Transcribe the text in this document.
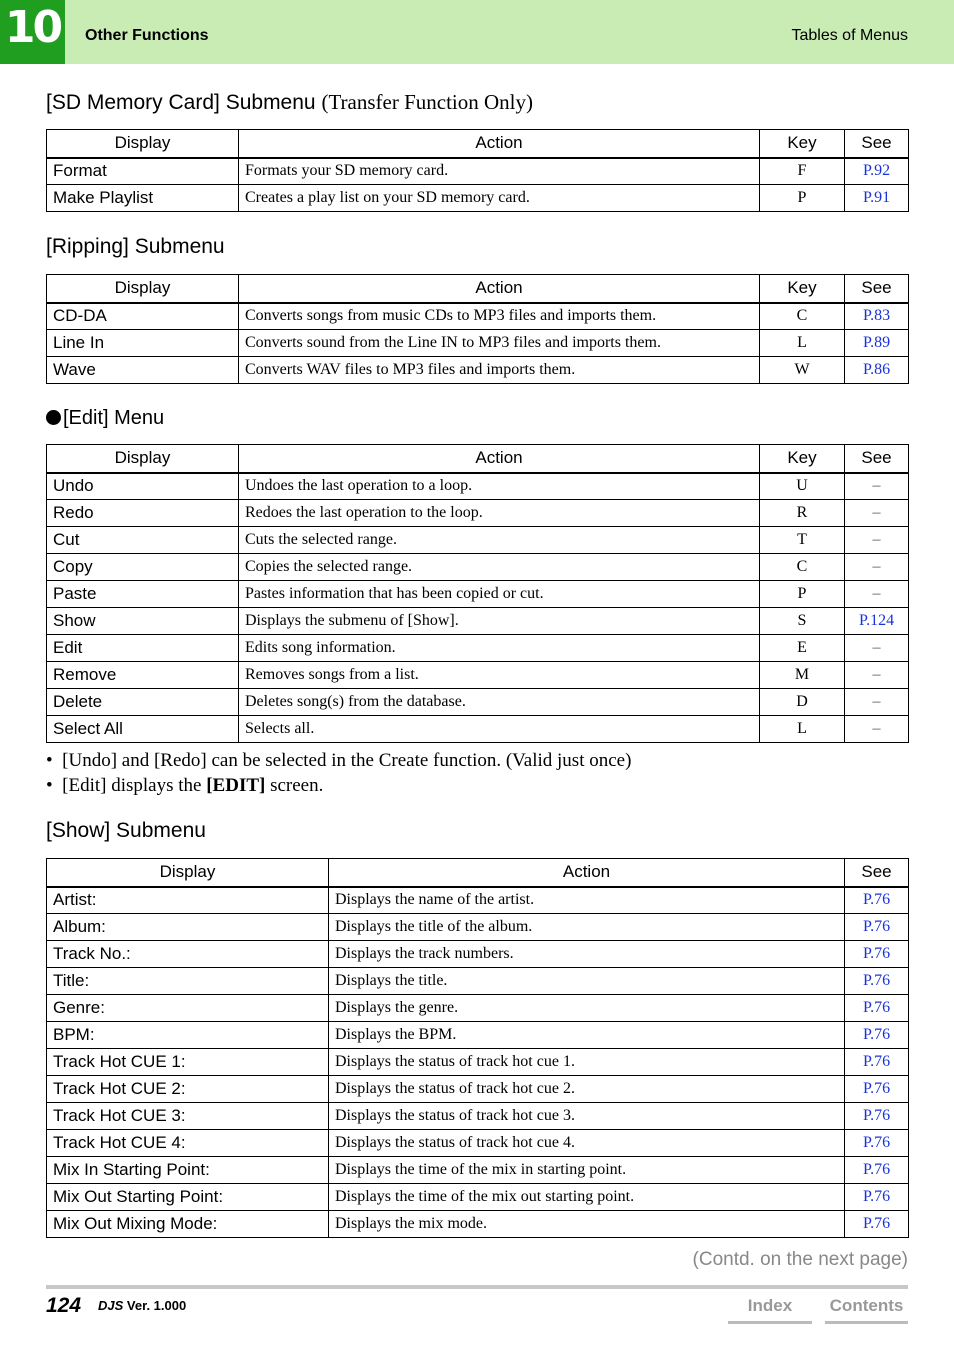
10	Other Functions	Tables of Menus
[SD Memory Card] Submenu (Transfer Function Only)
Display	Action	Key	See
Format	Formats your SD memory card.	F	P.92
Make Playlist	Creates a play list on your SD memory card.	P	P.91
[Ripping] Submenu
Display	Action	Key	See
CD-DA	Converts songs from music CDs to MP3 files and imports them.	C	P.83
Line In	Converts sound from the Line IN to MP3 files and imports them.	L	P.89
Wave	Converts WAV files to MP3 files and imports them.	W	P.86
[Edit] Menu
Display	Action	Key	See
Undo	Undoes the last operation to a loop.	U	–
Redo	Redoes the last operation to the loop.	R	–
Cut	Cuts the selected range.	T	–
Copy	Copies the selected range.	C	–
Paste	Pastes information that has been copied or cut.	P	–
Show	Displays the submenu of [Show].	S	P.124
Edit	Edits song information.	E	–
Remove	Removes songs from a list.	M	–
Delete	Deletes song(s) from the database.	D	–
Select All	Selects all.	L	–
•  [Undo] and [Redo] can be selected in the Create function. (Valid just once)
•  [Edit] displays the [EDIT] screen.
[Show] Submenu
Display	Action	See
Artist:	Displays the name of the artist.	P.76
Album:	Displays the title of the album.	P.76
Track No.:	Displays the track numbers.	P.76
Title:	Displays the title.	P.76
Genre:	Displays the genre.	P.76
BPM:	Displays the BPM.	P.76
Track Hot CUE 1:	Displays the status of track hot cue 1.	P.76
Track Hot CUE 2:	Displays the status of track hot cue 2.	P.76
Track Hot CUE 3:	Displays the status of track hot cue 3.	P.76
Track Hot CUE 4:	Displays the status of track hot cue 4.	P.76
Mix In Starting Point:	Displays the time of the mix in starting point.	P.76
Mix Out Starting Point:	Displays the time of the mix out starting point.	P.76
Mix Out Mixing Mode:	Displays the mix mode.	P.76
(Contd. on the next page)
124 DJS Ver. 1.000	Index	Contents
